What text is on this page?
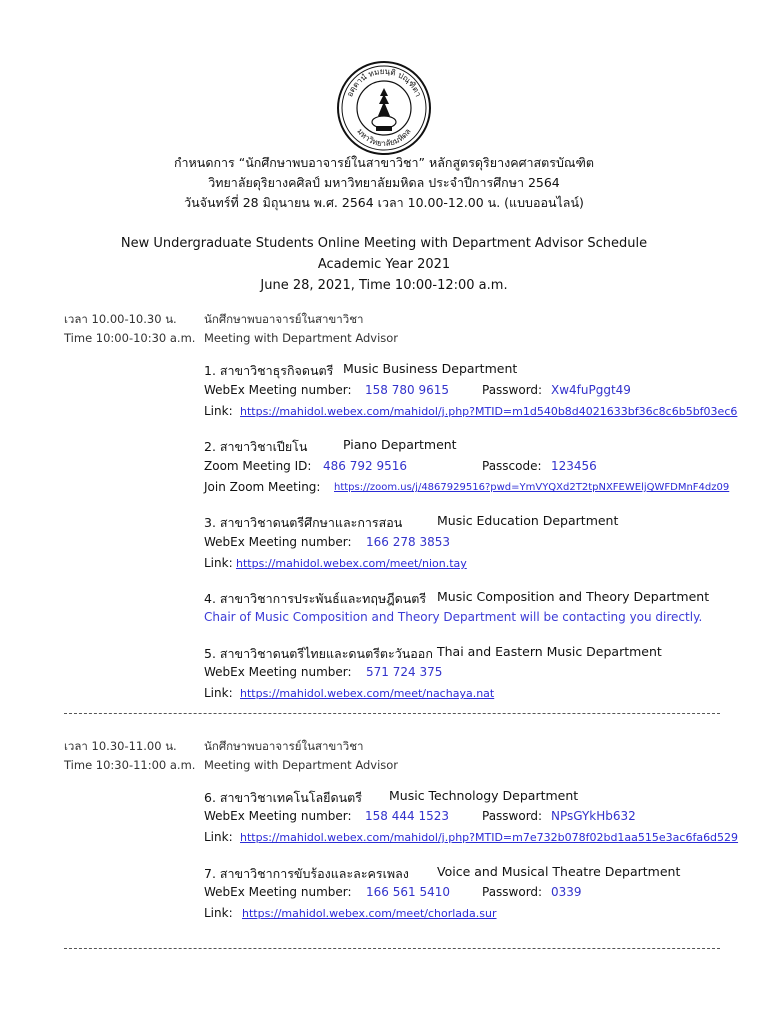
อตฺตานํ ทมยนฺติ ปณฺฑิตา
มหาวิทยาลัยมหิดล
กำหนดการ “นักศึกษาพบอาจารย์ในสาขาวิชา” หลักสูตรดุริยางคศาสตรบัณฑิต
วิทยาลัยดุริยางคศิลป์ มหาวิทยาลัยมหิดล ประจำปีการศึกษา 2564
วันจันทร์ที่ 28 มิถุนายน พ.ศ. 2564 เวลา 10.00-12.00 น. (แบบออนไลน์)
New Undergraduate Students Online Meeting with Department Advisor Schedule
Academic Year 2021
June 28, 2021, Time 10:00-12:00 a.m.
เวลา 10.00-10.30 น. นักศึกษาพบอาจารย์ในสาขาวิชา
Time 10:00-10:30 a.m. Meeting with Department Advisor
1. สาขาวิชาธุรกิจดนตรี Music Business Department
WebEx Meeting number: 158 780 9615	Password: Xw4fuPggt49
Link: https://mahidol.webex.com/mahidol/j.php?MTID=m1d540b8d4021633bf36c8c6b5bf03ec6
2. สาขาวิชาเปียโน	Piano Department
Zoom Meeting ID: 486 792 9516	Passcode: 123456
Join Zoom Meeting: https://zoom.us/j/4867929516?pwd=YmVYQXd2T2tpNXFEWEljQWFDMnF4dz09
3. สาขาวิชาดนตรีศึกษาและการสอน	Music Education Department
WebEx Meeting number: 166 278 3853
Link: https://mahidol.webex.com/meet/nion.tay
4. สาขาวิชาการประพันธ์และทฤษฎีดนตรี Music Composition and Theory Department
Chair of Music Composition and Theory Department will be contacting you directly.
5. สาขาวิชาดนตรีไทยและดนตรีตะวันออก Thai and Eastern Music Department
WebEx Meeting number: 571 724 375
Link: https://mahidol.webex.com/meet/nachaya.nat
เวลา 10.30-11.00 น. นักศึกษาพบอาจารย์ในสาขาวิชา
Time 10:30-11:00 a.m. Meeting with Department Advisor
6. สาขาวิชาเทคโนโลยีดนตรี Music Technology Department
WebEx Meeting number: 158 444 1523	Password: NPsGYkHb632
Link: https://mahidol.webex.com/mahidol/j.php?MTID=m7e732b078f02bd1aa515e3ac6fa6d529
7. สาขาวิชาการขับร้องและละครเพลง Voice and Musical Theatre Department
WebEx Meeting number: 166 561 5410	Password: 0339
Link: https://mahidol.webex.com/meet/chorlada.sur
